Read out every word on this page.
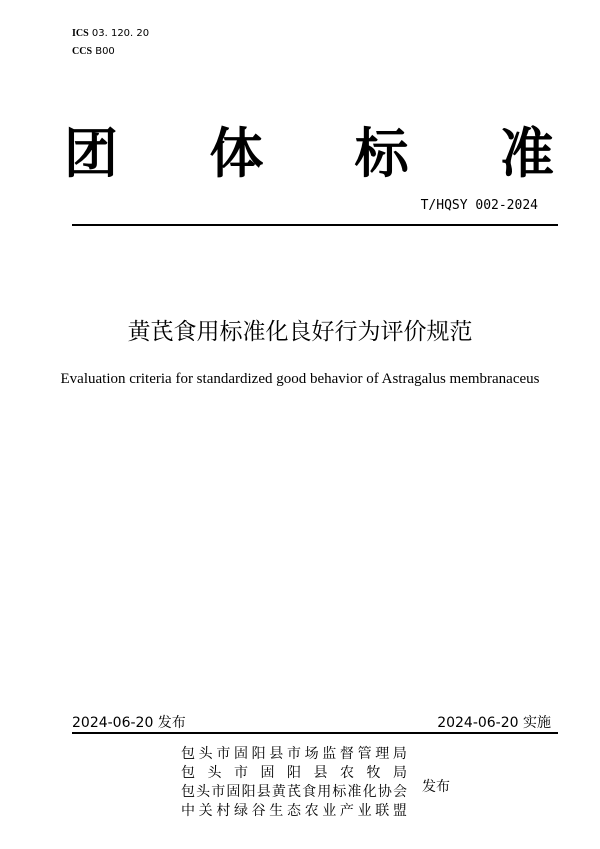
ICS 03. 120. 20
CCS B00
团 体 标 准
T/HQSY 002-2024
黄芪食用标准化良好行为评价规范
Evaluation criteria for standardized good behavior of Astragalus membranaceus
2024-06-20 发布	2024-06-20 实施
包 头 市 固 阳 县 市 场 监 督 管 理 局
包 头 市 固 阳 县 农 牧 局
包 头 市 固 阳 县 黄 芪 食 用 标 准 化 协 会
中 关 村 绿 谷 生 态 农 业 产 业 联 盟
发布
